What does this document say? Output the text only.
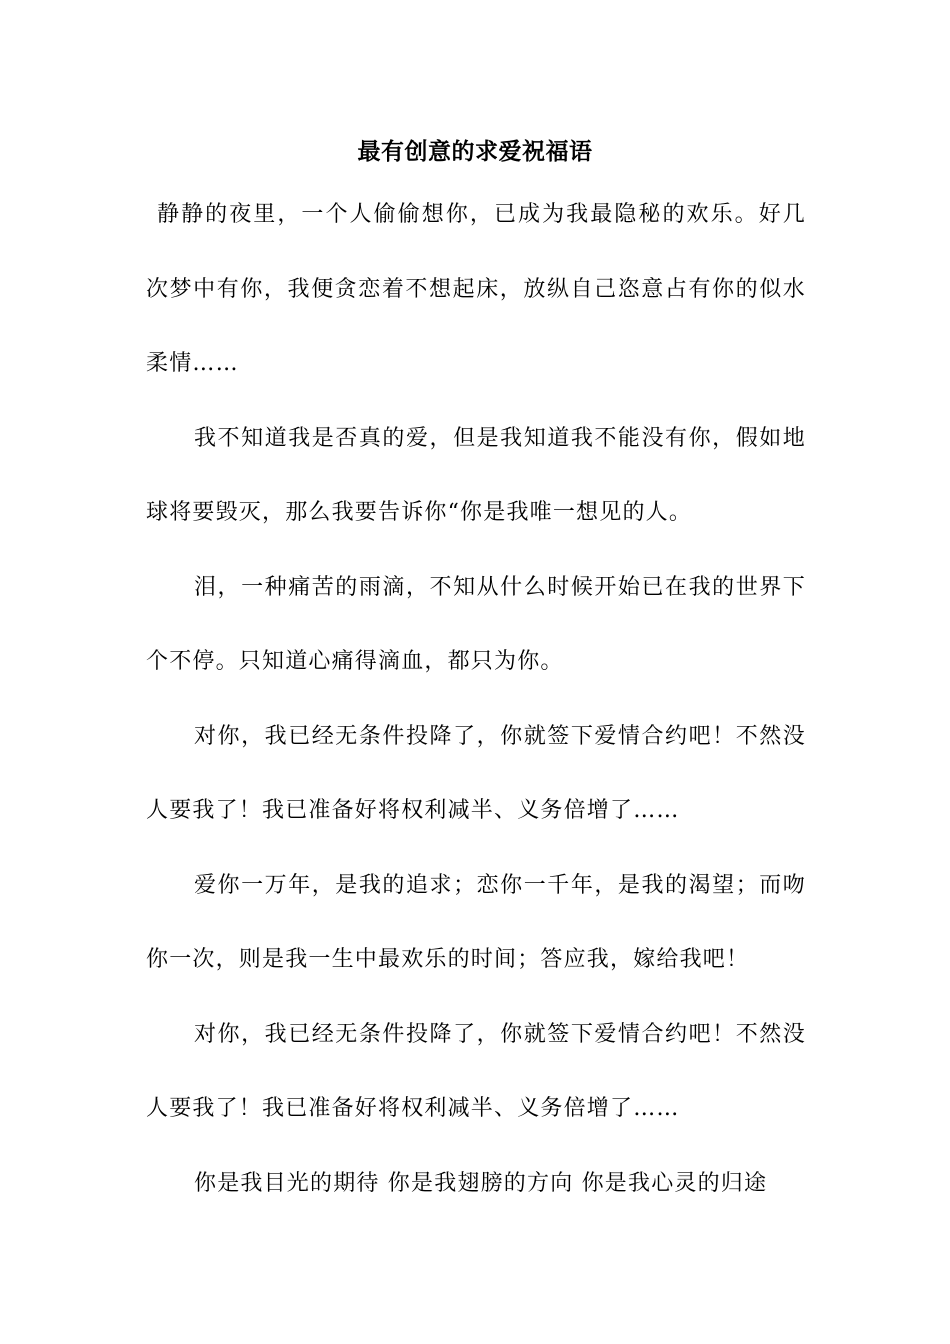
最有创意的求爱祝福语

静静的夜里，一个人偷偷想你，已成为我最隐秘的欢乐。好几次梦中有你，我便贪恋着不想起床，放纵自己恣意占有你的似水柔情……

我不知道我是否真的爱，但是我知道我不能没有你，假如地球将要毁灭，那么我要告诉你“你是我唯一想见的人。

泪，一种痛苦的雨滴，不知从什么时候开始已在我的世界下个不停。只知道心痛得滴血，都只为你。

对你，我已经无条件投降了，你就签下爱情合约吧！不然没人要我了！我已准备好将权利减半、义务倍增了……

爱你一万年，是我的追求；恋你一千年，是我的渴望；而吻你一次，则是我一生中最欢乐的时间；答应我，嫁给我吧！

对你，我已经无条件投降了，你就签下爱情合约吧！不然没人要我了！我已准备好将权利减半、义务倍增了……

你是我目光的期待 你是我翅膀的方向 你是我心灵的归途
